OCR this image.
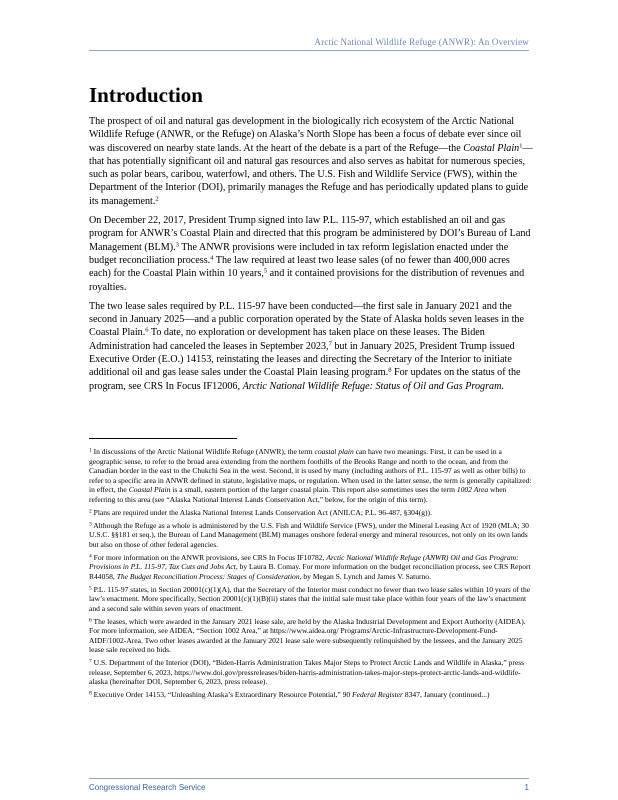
Arctic National Wildlife Refuge (ANWR): An Overview
Introduction

The prospect of oil and natural gas development in the biologically rich ecosystem of the Arctic National Wildlife Refuge (ANWR, or the Refuge) on Alaska’s North Slope has been a focus of debate ever since oil was discovered on nearby state lands. At the heart of the debate is a part of the Refuge—the Coastal Plain$^1$—that has potentially significant oil and natural gas resources and also serves as habitat for numerous species, such as polar bears, caribou, waterfowl, and others. The U.S. Fish and Wildlife Service (FWS), within the Department of the Interior (DOI), primarily manages the Refuge and has periodically updated plans to guide its management.$^2$

On December 22, 2017, President Trump signed into law P.L. 115-97, which established an oil and gas program for ANWR’s Coastal Plain and directed that this program be administered by DOI’s Bureau of Land Management (BLM).$^3$ The ANWR provisions were included in tax reform legislation enacted under the budget reconciliation process.$^4$ The law required at least two lease sales (of no fewer than 400,000 acres each) for the Coastal Plain within 10 years,$^5$ and it contained provisions for the distribution of revenues and royalties.

The two lease sales required by P.L. 115-97 have been conducted—the first sale in January 2021 and the second in January 2025—and a public corporation operated by the State of Alaska holds seven leases in the Coastal Plain.$^6$ To date, no exploration or development has taken place on these leases. The Biden Administration had canceled the leases in September 2023,$^7$ but in January 2025, President Trump issued Executive Order (E.O.) 14153, reinstating the leases and directing the Secretary of the Interior to initiate additional oil and gas lease sales under the Coastal Plain leasing program.$^8$ For updates on the status of the program, see CRS In Focus IF12006, Arctic National Wildlife Refuge: Status of Oil and Gas Program.

$^1$ In discussions of the Arctic National Wildlife Refuge (ANWR), the term coastal plain can have two meanings. First, it can be used in a geographic sense, to refer to the broad area extending from the northern foothills of the Brooks Range and north to the ocean, and from the Canadian border in the east to the Chukchi Sea in the west. Second, it is used by many (including authors of P.L. 115-97 as well as other bills) to refer to a specific area in ANWR defined in statute, legislative maps, or regulation. When used in the latter sense, the term is generally capitalized: in effect, the Coastal Plain is a small, eastern portion of the larger coastal plain. This report also sometimes uses the term 1002 Area when referring to this area (see “Alaska National Interest Lands Conservation Act,” below, for the origin of this term).

$^2$ Plans are required under the Alaska National Interest Lands Conservation Act (ANILCA; P.L. 96-487, §304(g)).

$^3$ Although the Refuge as a whole is administered by the U.S. Fish and Wildlife Service (FWS), under the Mineral Leasing Act of 1920 (MLA; 30 U.S.C. §§181 et seq.), the Bureau of Land Management (BLM) manages onshore federal energy and mineral resources, not only on its own lands but also on those of other federal agencies.

$^4$ For more information on the ANWR provisions, see CRS In Focus IF10782, Arctic National Wildlife Refuge (ANWR) Oil and Gas Program: Provisions in P.L. 115-97, Tax Cuts and Jobs Act, by Laura B. Comay. For more information on the budget reconciliation process, see CRS Report R44058, The Budget Reconciliation Process: Stages of Consideration, by Megan S. Lynch and James V. Saturno.

$^5$ P.L. 115-97 states, in Section 20001(c)(1)(A), that the Secretary of the Interior must conduct no fewer than two lease sales within 10 years of the law’s enactment. More specifically, Section 20001(c)(1)(B)(ii) states that the initial sale must take place within four years of the law’s enactment and a second sale within seven years of enactment.

$^6$ The leases, which were awarded in the January 2021 lease sale, are held by the Alaska Industrial Development and Export Authority (AIDEA). For more information, see AIDEA, “Section 1002 Area,” at https://www.aidea.org/ Programs/Arctic-Infrastructure-Development-Fund-AIDF/1002-Area. Two other leases awarded at the January 2021 lease sale were subsequently relinquished by the lessees, and the January 2025 lease sale received no bids.

$^7$ U.S. Department of the Interior (DOI), “Biden-Harris Administration Takes Major Steps to Protect Arctic Lands and Wildlife in Alaska,” press release, September 6, 2023, https://www.doi.gov/pressreleases/biden-harris-administration-takes-major-steps-protect-arctic-lands-and-wildlife-alaska (hereinafter DOI, September 6, 2023, press release).

$^8$ Executive Order 14153, “Unleashing Alaska’s Extraordinary Resource Potential,” 90 Federal Register 8347, January (continued...)

Congressional Research Service	1
